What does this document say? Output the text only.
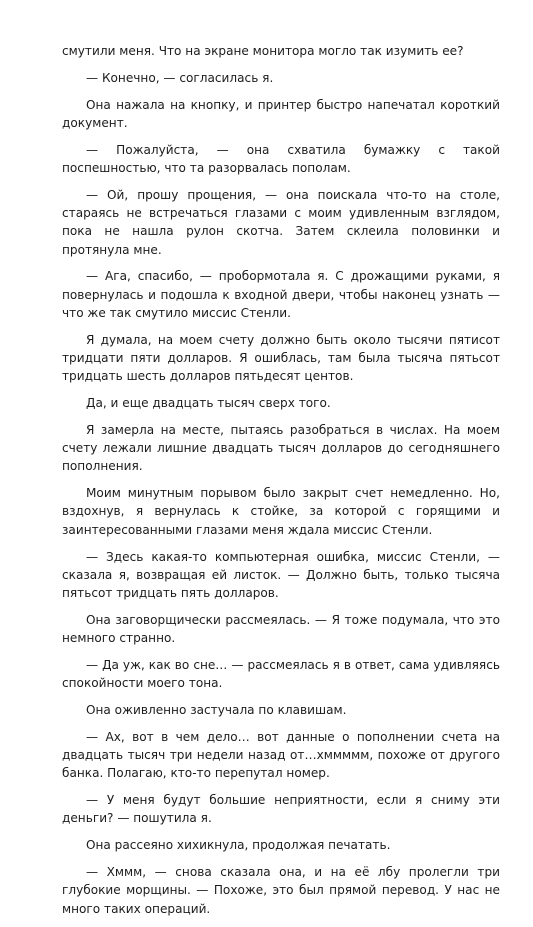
смутили меня. Что на экране монитора могло так изумить ее?

— Конечно, — согласилась я.

Она нажала на кнопку, и принтер быстро напечатал короткий документ.

— Пожалуйста, — она схватила бумажку с такой поспешностью, что та разорвалась пополам.

— Ой, прошу прощения, — она поискала что-то на столе, стараясь не встречаться глазами с моим удивленным взглядом, пока не нашла рулон скотча. Затем склеила половинки и протянула мне.

— Ага, спасибо, — пробормотала я. С дрожащими руками, я повернулась и подошла к входной двери, чтобы наконец узнать — что же так смутило миссис Стенли.

Я думала, на моем счету должно быть около тысячи пятисот тридцати пяти долларов. Я ошиблась, там была тысяча пятьсот тридцать шесть долларов пятьдесят центов.

Да, и еще двадцать тысяч сверх того.

Я замерла на месте, пытаясь разобраться в числах. На моем счету лежали лишние двадцать тысяч долларов до сегодняшнего пополнения.

Моим минутным порывом было закрыт счет немедленно. Но, вздохнув, я вернулась к стойке, за которой с горящими и заинтересованными глазами меня ждала миссис Стенли.

— Здесь какая-то компьютерная ошибка, миссис Стенли, — сказала я, возвращая ей листок. — Должно быть, только тысяча пятьсот тридцать пять долларов.

Она заговорщически рассмеялась. — Я тоже подумала, что это немного странно.

— Да уж, как во сне… — рассмеялась я в ответ, сама удивляясь спокойности моего тона.

Она оживленно застучала по клавишам.

— Ах, вот в чем дело… вот данные о пополнении счета на двадцать тысяч три недели назад от…хммммм, похоже от другого банка. Полагаю, кто-то перепутал номер.

— У меня будут большие неприятности, если я сниму эти деньги? — пошутила я.

Она рассеяно хихикнула, продолжая печатать.

— Хммм, — снова сказала она, и на её лбу пролегли три глубокие морщины. — Похоже, это был прямой перевод. У нас не много таких операций.
